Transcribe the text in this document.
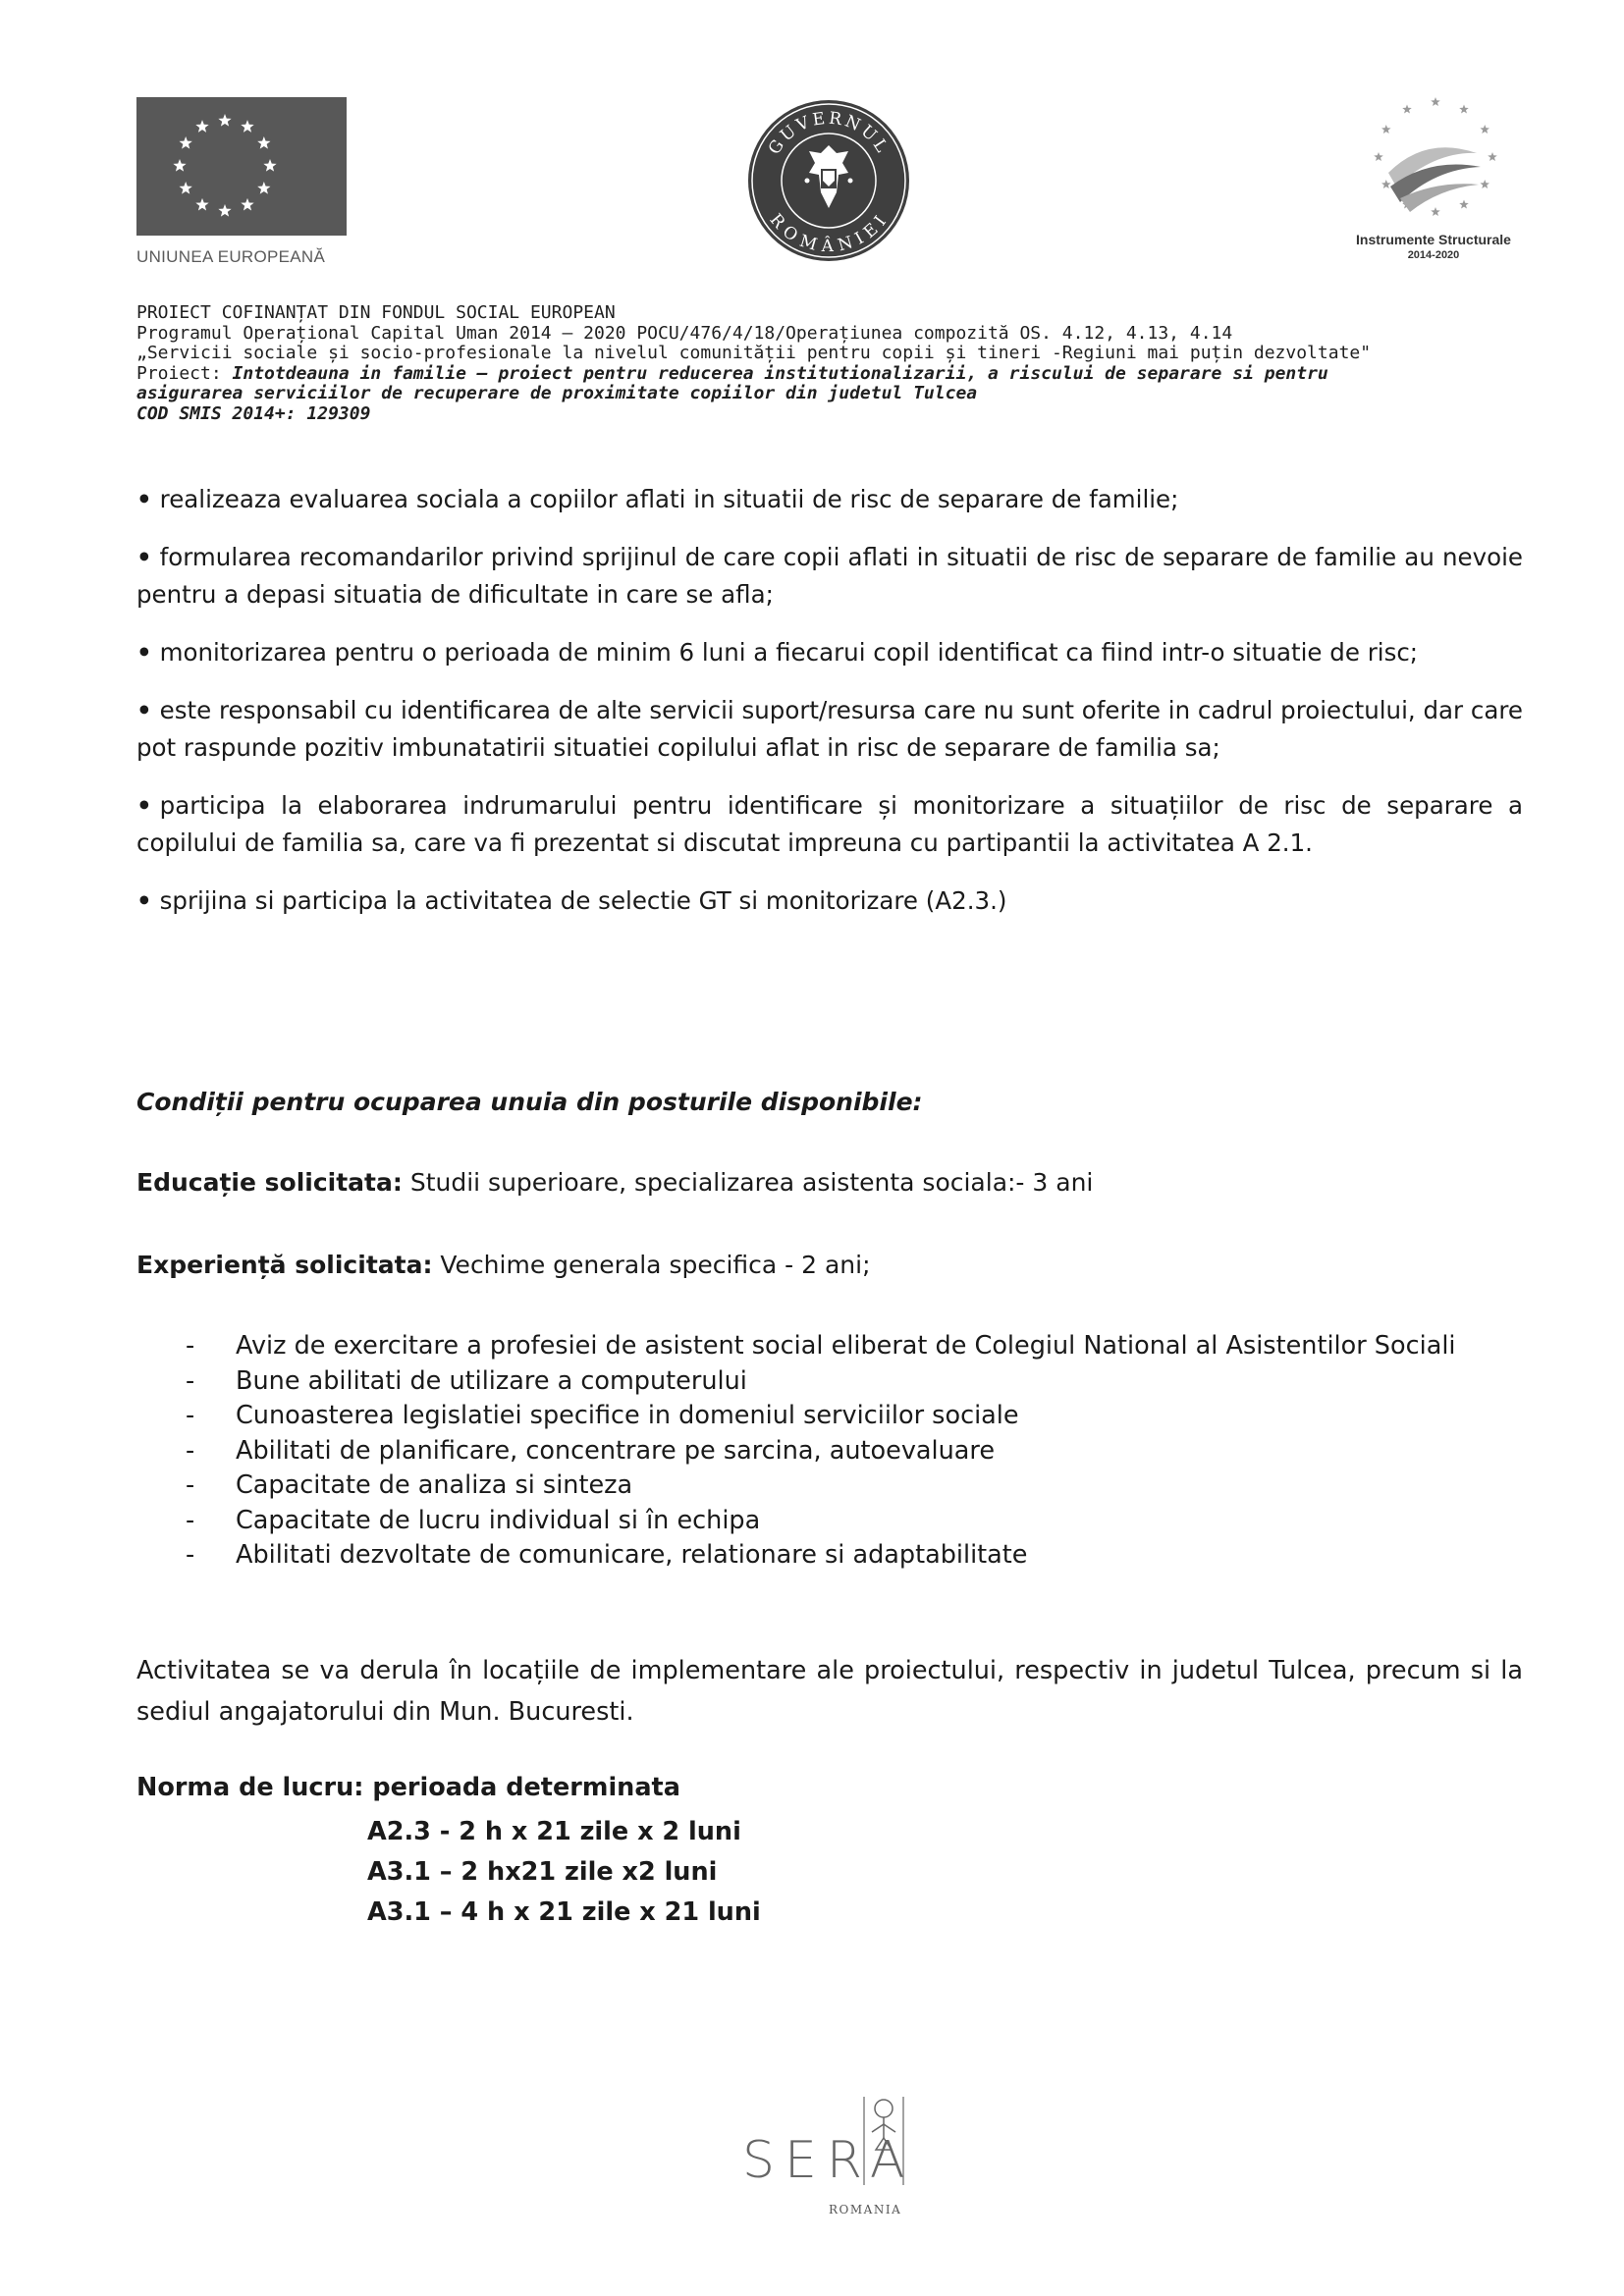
UNIUNEA EUROPEANĂ
GUVERNUL
ROMÂNIEI
Instrumente Structurale
2014-2020
PROIECT COFINANȚAT DIN FONDUL SOCIAL EUROPEAN
Programul Operațional Capital Uman 2014 – 2020 POCU/476/4/18/Operațiunea compozită OS. 4.12, 4.13, 4.14
„Servicii sociale și socio-profesionale la nivelul comunității pentru copii și tineri -Regiuni mai puțin dezvoltate"
Proiect: Intotdeauna in familie – proiect pentru reducerea institutionalizarii, a riscului de separare si pentru
asigurarea serviciilor de recuperare de proximitate copiilor din judetul Tulcea
COD SMIS 2014+: 129309

• realizeaza evaluarea sociala a copiilor aflati in situatii de risc de separare de familie;

• formularea recomandarilor privind sprijinul de care copii aflati in situatii de risc de separare de familie au nevoie pentru a depasi situatia de dificultate in care se afla;

• monitorizarea pentru o perioada de minim 6 luni a fiecarui copil identificat ca fiind intr-o situatie de risc;

• este responsabil cu identificarea de alte servicii suport/resursa care nu sunt oferite in cadrul proiectului, dar care pot raspunde pozitiv imbunatatirii situatiei copilului aflat in risc de separare de familia sa;

• participa la elaborarea indrumarului pentru identificare și monitorizare a situațiilor de risc de separare a copilului de familia sa, care va fi prezentat si discutat impreuna cu partipantii la activitatea A 2.1.

• sprijina si participa la activitatea de selectie GT si monitorizare (A2.3.)

Condiții pentru ocuparea unuia din posturile disponibile:
Educație solicitata: Studii superioare, specializarea asistenta sociala:- 3 ani
Experiență solicitata: Vechime generala specifica - 2 ani;
- Aviz de exercitare a profesiei de asistent social eliberat de Colegiul National al Asistentilor Sociali
- Bune abilitati de utilizare a computerului
- Cunoasterea legislatiei specifice in domeniul serviciilor sociale
- Abilitati de planificare, concentrare pe sarcina, autoevaluare
- Capacitate de analiza si sinteza
- Capacitate de lucru individual si în echipa
- Abilitati dezvoltate de comunicare, relationare si adaptabilitate
Activitatea se va derula în locațiile de implementare ale proiectului, respectiv in judetul Tulcea, precum si la sediul angajatorului din Mun. Bucuresti.
Norma de lucru: perioada determinata
A2.3 - 2 h x 21 zile x 2 luni
A3.1 – 2 hx21 zile x2 luni
A3.1 – 4 h x 21 zile x 21 luni
SERA
ROMANIA
